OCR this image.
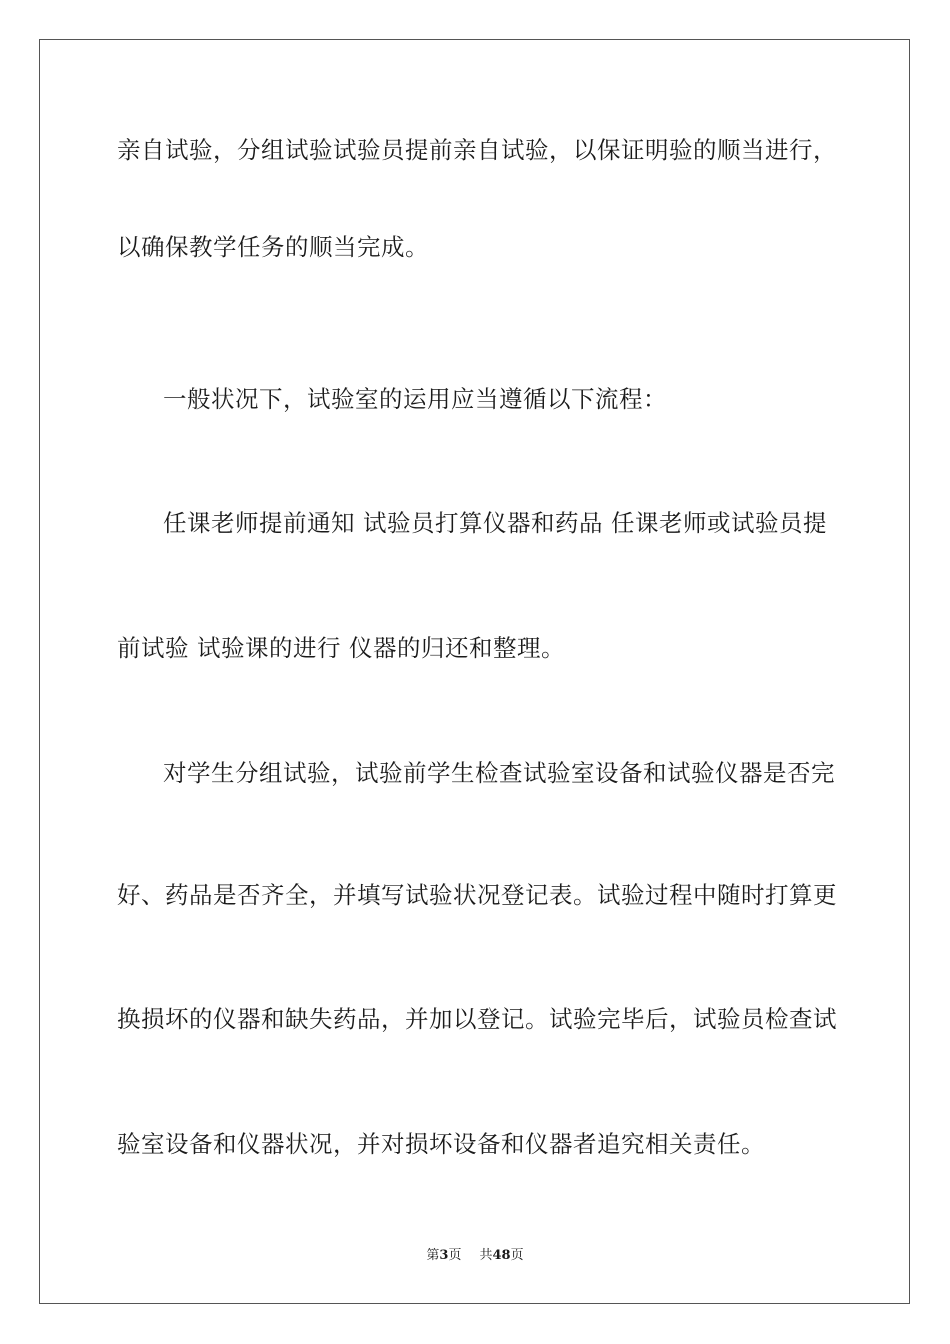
亲自试验，分组试验试验员提前亲自试验，以保证明验的顺当进行，
以确保教学任务的顺当完成。
一般状况下，试验室的运用应当遵循以下流程：
任课老师提前通知 试验员打算仪器和药品 任课老师或试验员提
前试验 试验课的进行 仪器的归还和整理。
对学生分组试验，试验前学生检查试验室设备和试验仪器是否完
好、药品是否齐全，并填写试验状况登记表。试验过程中随时打算更
换损坏的仪器和缺失药品，并加以登记。试验完毕后，试验员检查试
验室设备和仪器状况，并对损坏设备和仪器者追究相关责任。
第3页 共48页
